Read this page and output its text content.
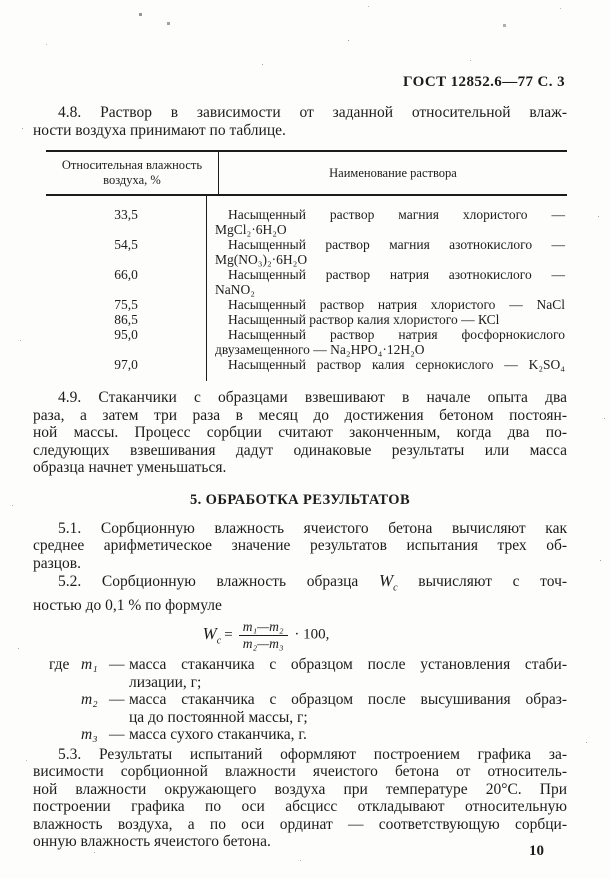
ГОСТ 12852.6—77 С. 3
4.8. Раствор в зависимости от заданной относительной влаж-
ности воздуха принимают по таблице.
Относительная влажность
воздуха, %
Наименование раствора
33,5	Насыщенный раствор магния хлористого —
MgCl₂·6H₂O
54,5	Насыщенный раствор магния азотнокислого —
Mg(NO₃)₂·6H₂O
66,0	Насыщенный раствор натрия азотнокислого —
NaNO₂
75,5	Насыщенный раствор натрия хлористого — NaCl
86,5	Насыщенный раствор калия хлористого — КСl
95,0	Насыщенный раствор натрия фосфорнокислого
двузамещенного — Na₂HPO₄·12H₂O
97,0	Насыщенный раствор калия сернокислого — K₂SO₄
4.9. Стаканчики с образцами взвешивают в начале опыта два
раза, а затем три раза в месяц до достижения бетоном постоян-
ной массы. Процесс сорбции считают законченным, когда два по-
следующих взвешивания дадут одинаковые результаты или масса
образца начнет уменьшаться.
5. ОБРАБОТКА РЕЗУЛЬТАТОВ
5.1. Сорбционную влажность ячеистого бетона вычисляют как
среднее арифметическое значение результатов испытания трех об-
разцов.
5.2. Сорбционную влажность образца $W_с$ вычисляют с точ-
ностью до 0,1 % по формуле
$W_с = \frac{\text{m₁—m₂}}{\text{m₂—m₃}} \cdot 100$,
где m₁ — масса стаканчика с образцом после установления стаби-
лизации, г;
m₂ — масса стаканчика с образцом после высушивания образ-
ца до постоянной массы, г;
m₃ — масса сухого стаканчика, г.
5.3. Результаты испытаний оформляют построением графика за-
висимости сорбционной влажности ячеистого бетона от относитель-
ной влажности окружающего воздуха при температуре 20°С. При
построении графика по оси абсцисс откладывают относительную
влажность воздуха, а по оси ординат — соответствующую сорбци-
онную влажность ячеистого бетона.
10
